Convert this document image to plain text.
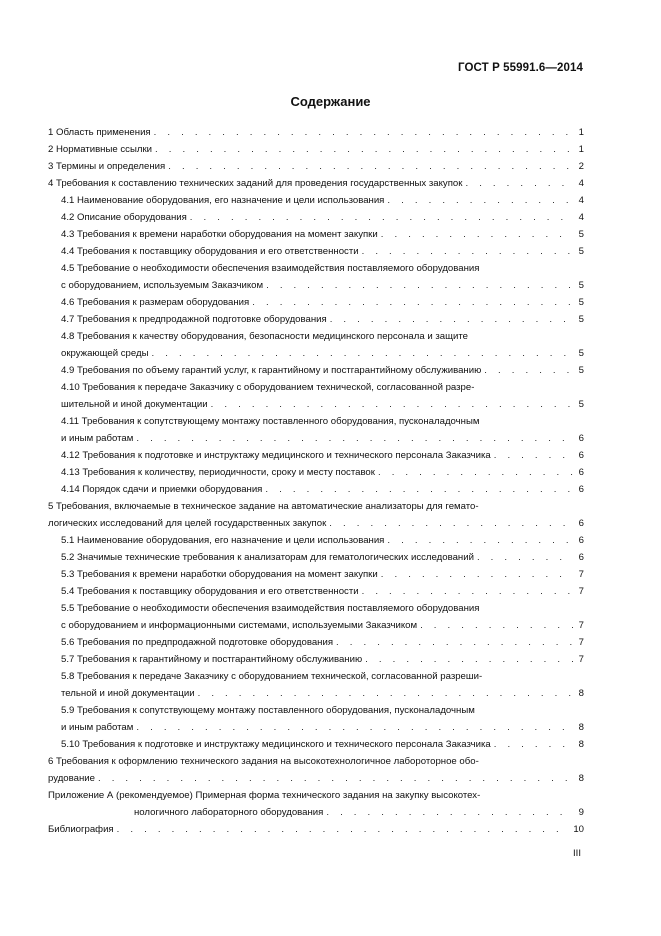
ГОСТ Р 55991.6—2014
Содержание
1 Область применения . . .	1
2 Нормативные ссылки . . .	1
3 Термины и определения . . .	2
4 Требования к составлению технических заданий для проведения государственных закупок . . .	4
4.1 Наименование оборудования, его назначение и цели использования . . .	4
4.2 Описание оборудования . . .	4
4.3 Требования к времени наработки оборудования на момент закупки . . .	5
4.4 Требования к поставщику оборудования и его ответственности . . .	5
4.5 Требование о необходимости обеспечения взаимодействия поставляемого оборудования
с оборудованием, используемым Заказчиком . . .	5
4.6 Требования к размерам оборудования . . .	5
4.7 Требования к предпродажной подготовке оборудования . . .	5
4.8 Требования к качеству оборудования, безопасности медицинского персонала и защите
окружающей среды . . .	5
4.9 Требования по объему гарантий услуг, к гарантийному и постгарантийному обслуживанию . . .	5
4.10 Требования к передаче Заказчику с оборудованием технической, согласованной разре-
шительной и иной документации . . .	5
4.11 Требования к сопутствующему монтажу поставленного оборудования, пусконаладочным
и иным работам . . .	6
4.12 Требования к подготовке и инструктажу медицинского и технического персонала Заказчика . . .	6
4.13 Требования к количеству, периодичности, сроку и месту поставок . . .	6
4.14 Порядок сдачи и приемки оборудования . . .	6
5 Требования, включаемые в техническое задание на автоматические анализаторы для гемато-
логических исследований для целей государственных закупок . . .	6
5.1 Наименование оборудования, его назначение и цели использования . . .	6
5.2 Значимые технические требования к анализаторам для гематологических исследований . . .	6
5.3 Требования к времени наработки оборудования на момент закупки . . .	7
5.4 Требования к поставщику оборудования и его ответственности . . .	7
5.5 Требование о необходимости обеспечения взаимодействия поставляемого оборудования
с оборудованием и информационными системами, используемыми Заказчиком . . .	7
5.6 Требования по предпродажной подготовке оборудования . . .	7
5.7 Требования к гарантийному и постгарантийному обслуживанию . . .	7
5.8 Требования к передаче Заказчику с оборудованием технической, согласованной разреши-
тельной и иной документации . . .	8
5.9 Требования к сопутствующему монтажу поставленного оборудования, пусконаладочным
и иным работам . . .	8
5.10 Требования к подготовке и инструктажу медицинского и технического персонала Заказчика . . .	8
6 Требования к оформлению технического задания на высокотехнологичное лабороторное обо-
рудование . . .	8
Приложение А (рекомендуемое) Примерная форма технического задания на закупку высокотех-
нологичного лабораторного оборудования . . .	9
Библиография . . .	10
III
